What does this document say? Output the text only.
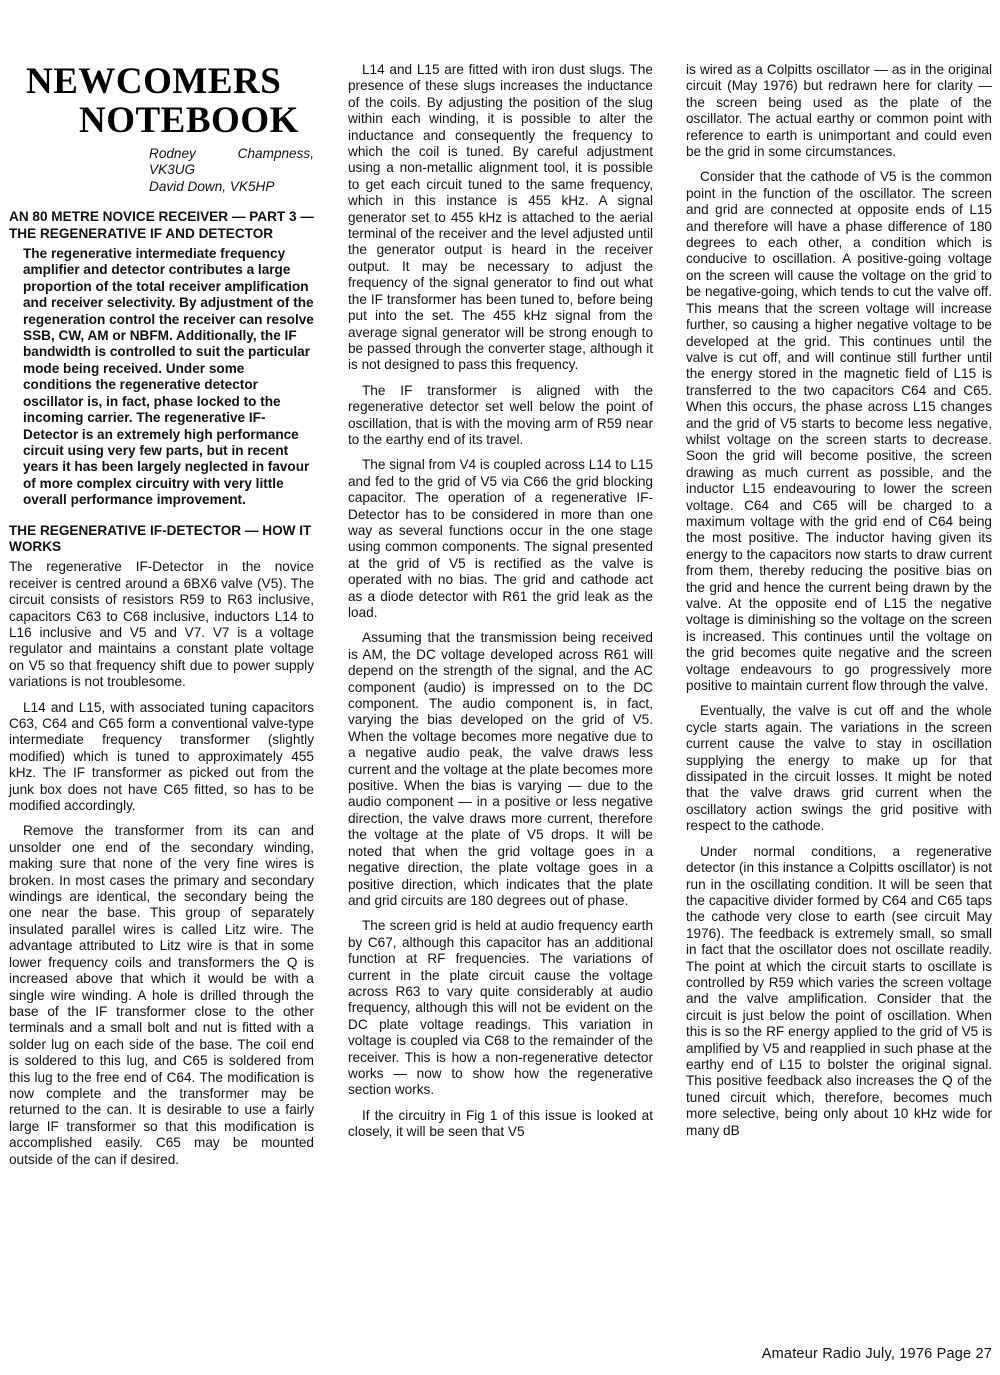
NEWCOMERS
NOTEBOOK
Rodney Champness, VK3UG
David Down, VK5HP
AN 80 METRE NOVICE RECEIVER — PART 3 — THE REGENERATIVE IF AND DETECTOR
The regenerative intermediate frequency amplifier and detector contributes a large proportion of the total receiver amplification and receiver selectivity. By adjustment of the regeneration control the receiver can resolve SSB, CW, AM or NBFM. Additionally, the IF bandwidth is controlled to suit the particular mode being received. Under some conditions the regenerative detector oscillator is, in fact, phase locked to the incoming carrier. The regenerative IF-Detector is an extremely high performance circuit using very few parts, but in recent years it has been largely neglected in favour of more complex circuitry with very little overall performance improvement.
THE REGENERATIVE IF-DETECTOR — HOW IT WORKS

The regenerative IF-Detector in the novice receiver is centred around a 6BX6 valve (V5). The circuit consists of resistors R59 to R63 inclusive, capacitors C63 to C68 inclusive, inductors L14 to L16 inclusive and V5 and V7. V7 is a voltage regulator and maintains a constant plate voltage on V5 so that frequency shift due to power supply variations is not troublesome.

L14 and L15, with associated tuning capacitors C63, C64 and C65 form a conventional valve-type intermediate frequency transformer (slightly modified) which is tuned to approximately 455 kHz. The IF transformer as picked out from the junk box does not have C65 fitted, so has to be modified accordingly.

Remove the transformer from its can and unsolder one end of the secondary winding, making sure that none of the very fine wires is broken. In most cases the primary and secondary windings are identical, the secondary being the one near the base. This group of separately insulated parallel wires is called Litz wire. The advantage attributed to Litz wire is that in some lower frequency coils and transformers the Q is increased above that which it would be with a single wire winding. A hole is drilled through the base of the IF transformer close to the other terminals and a small bolt and nut is fitted with a solder lug on each side of the base. The coil end is soldered to this lug, and C65 is soldered from this lug to the free end of C64. The modification is now complete and the transformer may be returned to the can. It is desirable to use a fairly large IF transformer so that this modification is accomplished easily. C65 may be mounted outside of the can if desired.

L14 and L15 are fitted with iron dust slugs. The presence of these slugs increases the inductance of the coils. By adjusting the position of the slug within each winding, it is possible to alter the inductance and consequently the frequency to which the coil is tuned. By careful adjustment using a non-metallic alignment tool, it is possible to get each circuit tuned to the same frequency, which in this instance is 455 kHz. A signal generator set to 455 kHz is attached to the aerial terminal of the receiver and the level adjusted until the generator output is heard in the receiver output. It may be necessary to adjust the frequency of the signal generator to find out what the IF transformer has been tuned to, before being put into the set. The 455 kHz signal from the average signal generator will be strong enough to be passed through the converter stage, although it is not designed to pass this frequency.

The IF transformer is aligned with the regenerative detector set well below the point of oscillation, that is with the moving arm of R59 near to the earthy end of its travel.

The signal from V4 is coupled across L14 to L15 and fed to the grid of V5 via C66 the grid blocking capacitor. The operation of a regenerative IF-Detector has to be considered in more than one way as several functions occur in the one stage using common components. The signal presented at the grid of V5 is rectified as the valve is operated with no bias. The grid and cathode act as a diode detector with R61 the grid leak as the load.

Assuming that the transmission being received is AM, the DC voltage developed across R61 will depend on the strength of the signal, and the AC component (audio) is impressed on to the DC component. The audio component is, in fact, varying the bias developed on the grid of V5. When the voltage becomes more negative due to a negative audio peak, the valve draws less current and the voltage at the plate becomes more positive. When the bias is varying — due to the audio component — in a positive or less negative direction, the valve draws more current, therefore the voltage at the plate of V5 drops. It will be noted that when the grid voltage goes in a negative direction, the plate voltage goes in a positive direction, which indicates that the plate and grid circuits are 180 degrees out of phase.

The screen grid is held at audio frequency earth by C67, although this capacitor has an additional function at RF frequencies. The variations of current in the plate circuit cause the voltage across R63 to vary quite considerably at audio frequency, although this will not be evident on the DC plate voltage readings. This variation in voltage is coupled via C68 to the remainder of the receiver. This is how a non-regenerative detector works — now to show how the regenerative section works.

If the circuitry in Fig 1 of this issue is looked at closely, it will be seen that V5

is wired as a Colpitts oscillator — as in the original circuit (May 1976) but redrawn here for clarity — the screen being used as the plate of the oscillator. The actual earthy or common point with reference to earth is unimportant and could even be the grid in some circumstances.

Consider that the cathode of V5 is the common point in the function of the oscillator. The screen and grid are connected at opposite ends of L15 and therefore will have a phase difference of 180 degrees to each other, a condition which is conducive to oscillation. A positive-going voltage on the screen will cause the voltage on the grid to be negative-going, which tends to cut the valve off. This means that the screen voltage will increase further, so causing a higher negative voltage to be developed at the grid. This continues until the valve is cut off, and will continue still further until the energy stored in the magnetic field of L15 is transferred to the two capacitors C64 and C65. When this occurs, the phase across L15 changes and the grid of V5 starts to become less negative, whilst voltage on the screen starts to decrease. Soon the grid will become positive, the screen drawing as much current as possible, and the inductor L15 endeavouring to lower the screen voltage. C64 and C65 will be charged to a maximum voltage with the grid end of C64 being the most positive. The inductor having given its energy to the capacitors now starts to draw current from them, thereby reducing the positive bias on the grid and hence the current being drawn by the valve. At the opposite end of L15 the negative voltage is diminishing so the voltage on the screen is increased. This continues until the voltage on the grid becomes quite negative and the screen voltage endeavours to go progressively more positive to maintain current flow through the valve.

Eventually, the valve is cut off and the whole cycle starts again. The variations in the screen current cause the valve to stay in oscillation supplying the energy to make up for that dissipated in the circuit losses. It might be noted that the valve draws grid current when the oscillatory action swings the grid positive with respect to the cathode.

Under normal conditions, a regenerative detector (in this instance a Colpitts oscillator) is not run in the oscillating condition. It will be seen that the capacitive divider formed by C64 and C65 taps the cathode very close to earth (see circuit May 1976). The feedback is extremely small, so small in fact that the oscillator does not oscillate readily. The point at which the circuit starts to oscillate is controlled by R59 which varies the screen voltage and the valve amplification. Consider that the circuit is just below the point of oscillation. When this is so the RF energy applied to the grid of V5 is amplified by V5 and reapplied in such phase at the earthy end of L15 to bolster the original signal. This positive feedback also increases the Q of the tuned circuit which, therefore, becomes much more selective, being only about 10 kHz wide for many dB

Amateur Radio July, 1976 Page 27
